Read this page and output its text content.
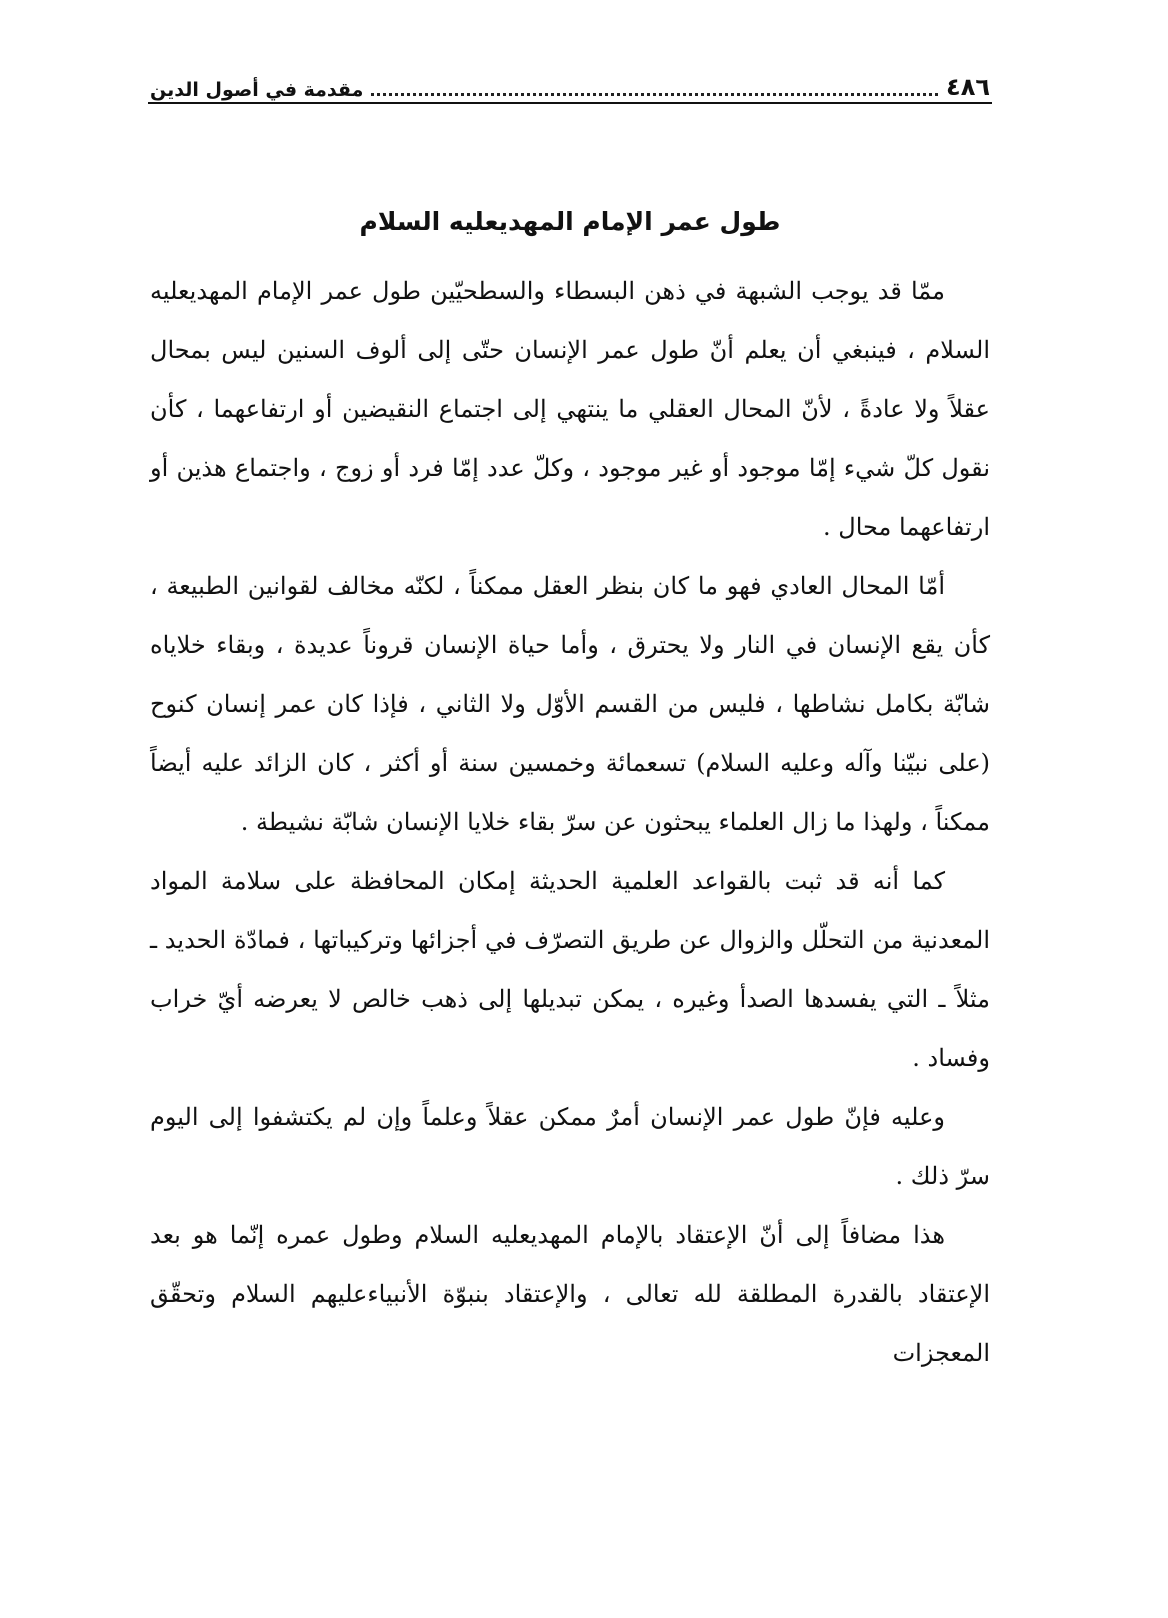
٤٨٦
مقدمة في أصول الدين
طول عمر الإمام المهديعليه السلام

ممّا قد يوجب الشبهة في ذهن البسطاء والسطحيّين طول عمر الإمام المهديعليه السلام ، فينبغي أن يعلم أنّ طول عمر الإنسان حتّى إلى ألوف السنين ليس بمحال عقلاً ولا عادةً ، لأنّ المحال العقلي ما ينتهي إلى اجتماع النقيضين أو ارتفاعهما ، كأن نقول كلّ شيء إمّا موجود أو غير موجود ، وكلّ عدد إمّا فرد أو زوج ، واجتماع هذين أو ارتفاعهما محال .

أمّا المحال العادي فهو ما كان بنظر العقل ممكناً ، لكنّه مخالف لقوانين الطبيعة ، كأن يقع الإنسان في النار ولا يحترق ، وأما حياة الإنسان قروناً عديدة ، وبقاء خلاياه شابّة بكامل نشاطها ، فليس من القسم الأوّل ولا الثاني ، فإذا كان عمر إنسان كنوح (على نبيّنا وآله وعليه السلام) تسعمائة وخمسين سنة أو أكثر ، كان الزائد عليه أيضاً ممكناً ، ولهذا ما زال العلماء يبحثون عن سرّ بقاء خلايا الإنسان شابّة نشيطة .

كما أنه قد ثبت بالقواعد العلمية الحديثة إمكان المحافظة على سلامة المواد المعدنية من التحلّل والزوال عن طريق التصرّف في أجزائها وتركيباتها ، فمادّة الحديد ـ مثلاً ـ التي يفسدها الصدأ وغيره ، يمكن تبديلها إلى ذهب خالص لا يعرضه أيّ خراب وفساد .

وعليه فإنّ طول عمر الإنسان أمرٌ ممكن عقلاً وعلماً وإن لم يكتشفوا إلى اليوم سرّ ذلك .

هذا مضافاً إلى أنّ الإعتقاد بالإمام المهديعليه السلام وطول عمره إنّما هو بعد الإعتقاد بالقدرة المطلقة لله تعالى ، والإعتقاد بنبوّة الأنبياءعليهم السلام وتحقّق المعجزات
